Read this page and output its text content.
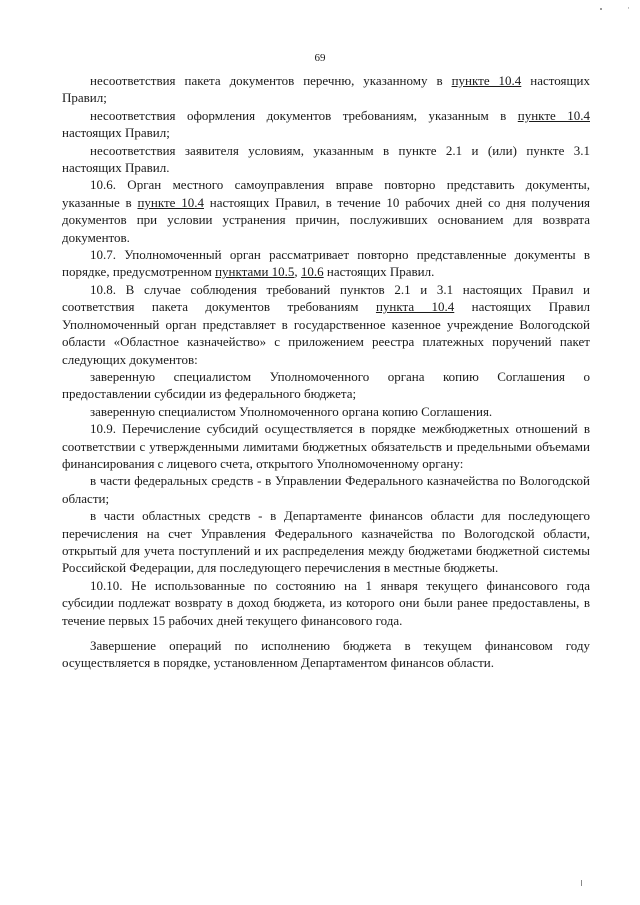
·
69

несоответствия пакета документов перечню, указанному в пункте 10.4 настоящих Правил;

несоответствия оформления документов требованиям, указанным в пункте 10.4 настоящих Правил;

несоответствия заявителя условиям, указанным в пункте 2.1 и (или) пункте 3.1 настоящих Правил.

10.6. Орган местного самоуправления вправе повторно представить документы, указанные в пункте 10.4 настоящих Правил, в течение 10 рабочих дней со дня получения документов при условии устранения причин, послуживших основанием для возврата документов.

10.7. Уполномоченный орган рассматривает повторно представленные документы в порядке, предусмотренном пунктами 10.5, 10.6 настоящих Правил.

10.8. В случае соблюдения требований пунктов 2.1 и 3.1 настоящих Правил и соответствия пакета документов требованиям пункта 10.4 настоящих Правил Уполномоченный орган представляет в государственное казенное учреждение Вологодской области «Областное казначейство» с приложением реестра платежных поручений пакет следующих документов:

заверенную специалистом Уполномоченного органа копию Соглашения о предоставлении субсидии из федерального бюджета;

заверенную специалистом Уполномоченного органа копию Соглашения.

10.9. Перечисление субсидий осуществляется в порядке межбюджетных отношений в соответствии с утвержденными лимитами бюджетных обязательств и предельными объемами финансирования с лицевого счета, открытого Уполномоченному органу:

в части федеральных средств - в Управлении Федерального казначейства по Вологодской области;

в части областных средств - в Департаменте финансов области для последующего перечисления на счет Управления Федерального казначейства по Вологодской области, открытый для учета поступлений и их распределения между бюджетами бюджетной системы Российской Федерации, для последующего перечисления в местные бюджеты.

10.10. Не использованные по состоянию на 1 января текущего финансового года субсидии подлежат возврату в доход бюджета, из которого они были ранее предоставлены, в течение первых 15 рабочих дней текущего финансового года.

Завершение операций по исполнению бюджета в текущем финансовом году осуществляется в порядке, установленном Департаментом финансов области.
